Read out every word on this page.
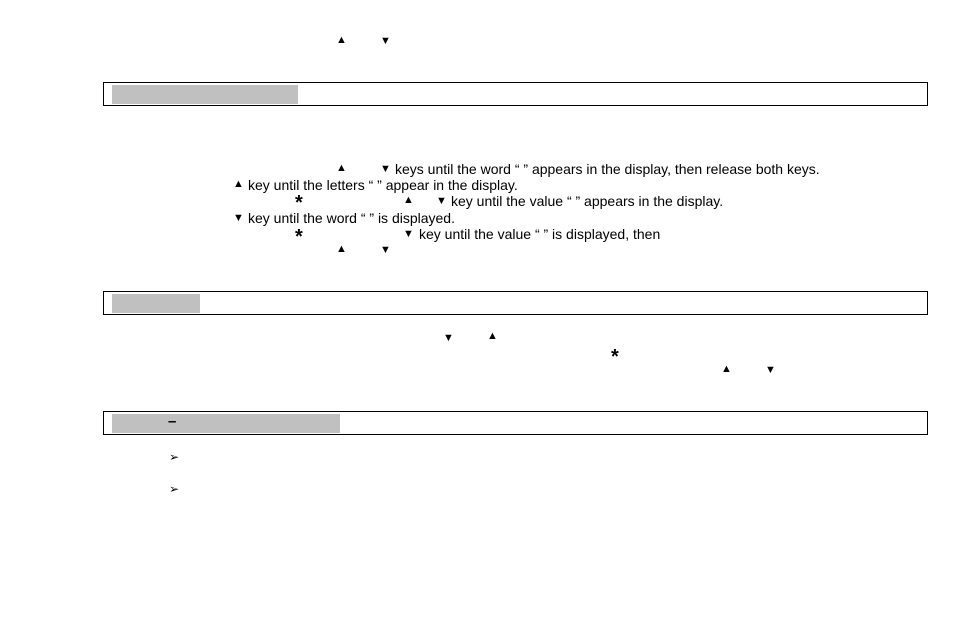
▲	▼
▲	▼ keys until the word “ ” appears in the display, then release both keys.
▲ key until the letters “ ” appear in the display.
*	▲ ▼ key until the value “ ” appears in the display.
▼ key until the word “ ” is displayed.
*	▼ key until the value “ ” is displayed, then
▲	▼
▼	▲
*
▲	▼
–
➢
➢
